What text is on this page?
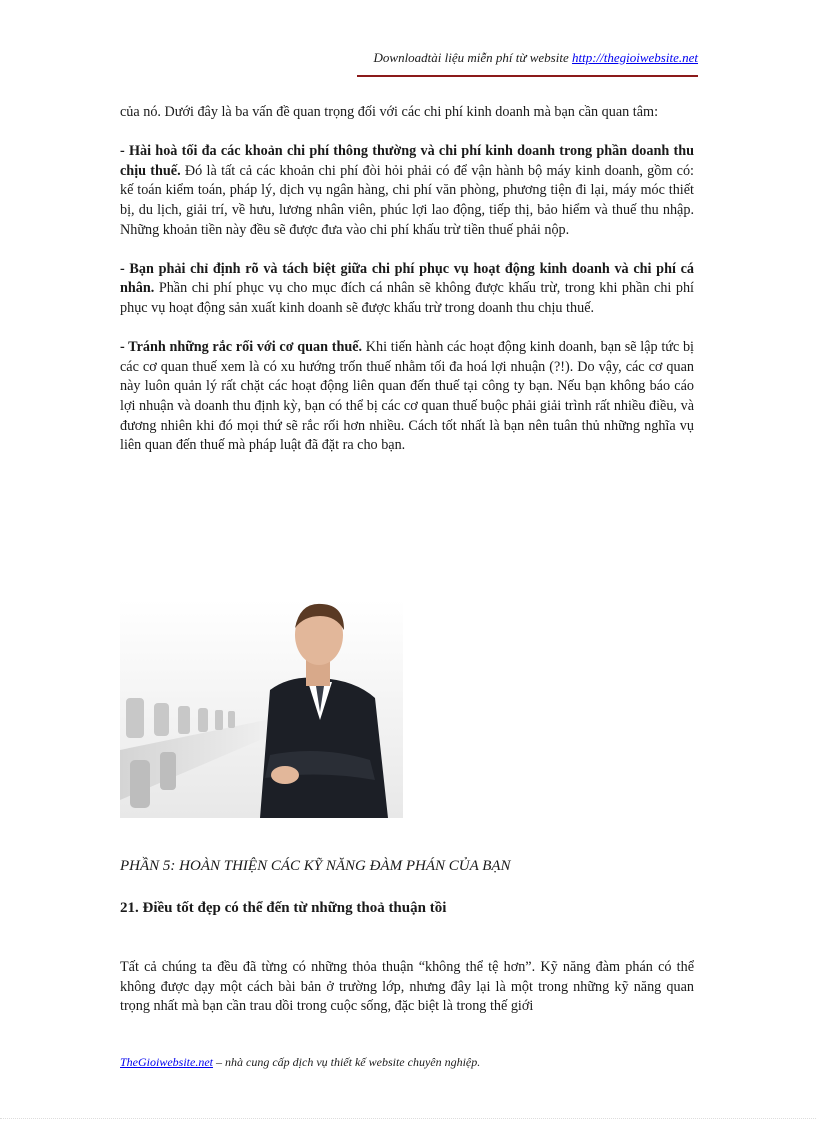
Downloadtài liệu miễn phí từ website http://thegioiwebsite.net

của nó. Dưới đây là ba vấn đề quan trọng đối với các chi phí kinh doanh mà bạn cần quan tâm:

- Hài hoà tối đa các khoản chi phí thông thường và chi phí kinh doanh trong phần doanh thu chịu thuế. Đó là tất cả các khoản chi phí đòi hỏi phải có để vận hành bộ máy kinh doanh, gồm có: kế toán kiểm toán, pháp lý, dịch vụ ngân hàng, chi phí văn phòng, phương tiện đi lại, máy móc thiết bị, du lịch, giải trí, về hưu, lương nhân viên, phúc lợi lao động, tiếp thị, bảo hiểm và thuế thu nhập. Những khoản tiền này đều sẽ được đưa vào chi phí khấu trừ tiền thuế phải nộp.

- Bạn phải chỉ định rõ và tách biệt giữa chi phí phục vụ hoạt động kinh doanh và chi phí cá nhân. Phần chi phí phục vụ cho mục đích cá nhân sẽ không được khấu trừ, trong khi phần chi phí phục vụ hoạt động sản xuất kinh doanh sẽ được khấu trừ trong doanh thu chịu thuế.

- Tránh những rắc rối với cơ quan thuế. Khi tiến hành các hoạt động kinh doanh, bạn sẽ lập tức bị các cơ quan thuế xem là có xu hướng trốn thuế nhằm tối đa hoá lợi nhuận (?!). Do vậy, các cơ quan này luôn quản lý rất chặt các hoạt động liên quan đến thuế tại công ty bạn. Nếu bạn không báo cáo lợi nhuận và doanh thu định kỳ, bạn có thể bị các cơ quan thuế buộc phải giải trình rất nhiều điều, và đương nhiên khi đó mọi thứ sẽ rắc rối hơn nhiều. Cách tốt nhất là bạn nên tuân thủ những nghĩa vụ liên quan đến thuế mà pháp luật đã đặt ra cho bạn.

PHẦN 5: HOÀN THIỆN CÁC KỸ NĂNG ĐÀM PHÁN CỦA BẠN
21. Điều tốt đẹp có thể đến từ những thoả thuận tồi

Tất cả chúng ta đều đã từng có những thỏa thuận “không thể tệ hơn”. Kỹ năng đàm phán có thể không được dạy một cách bài bản ở trường lớp, nhưng đây lại là một trong những kỹ năng quan trọng nhất mà bạn cần trau dồi trong cuộc sống, đặc biệt là trong thế giới

TheGioiwebsite.net – nhà cung cấp dịch vụ thiết kế website chuyên nghiệp.
